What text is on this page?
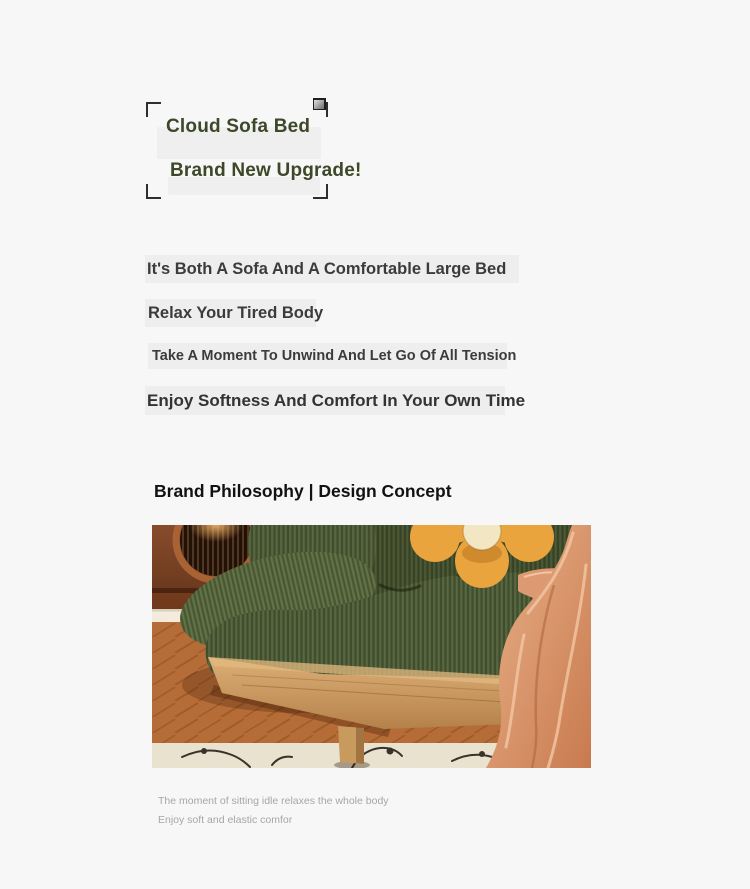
Cloud Sofa Bed
Brand New Upgrade!
It's Both A Sofa And A Comfortable Large Bed
Relax Your Tired Body
Take A Moment To Unwind And Let Go Of All Tension
Enjoy Softness And Comfort In Your Own Time
Brand Philosophy | Design Concept
The moment of sitting idle relaxes the whole body
Enjoy soft and elastic comfor
